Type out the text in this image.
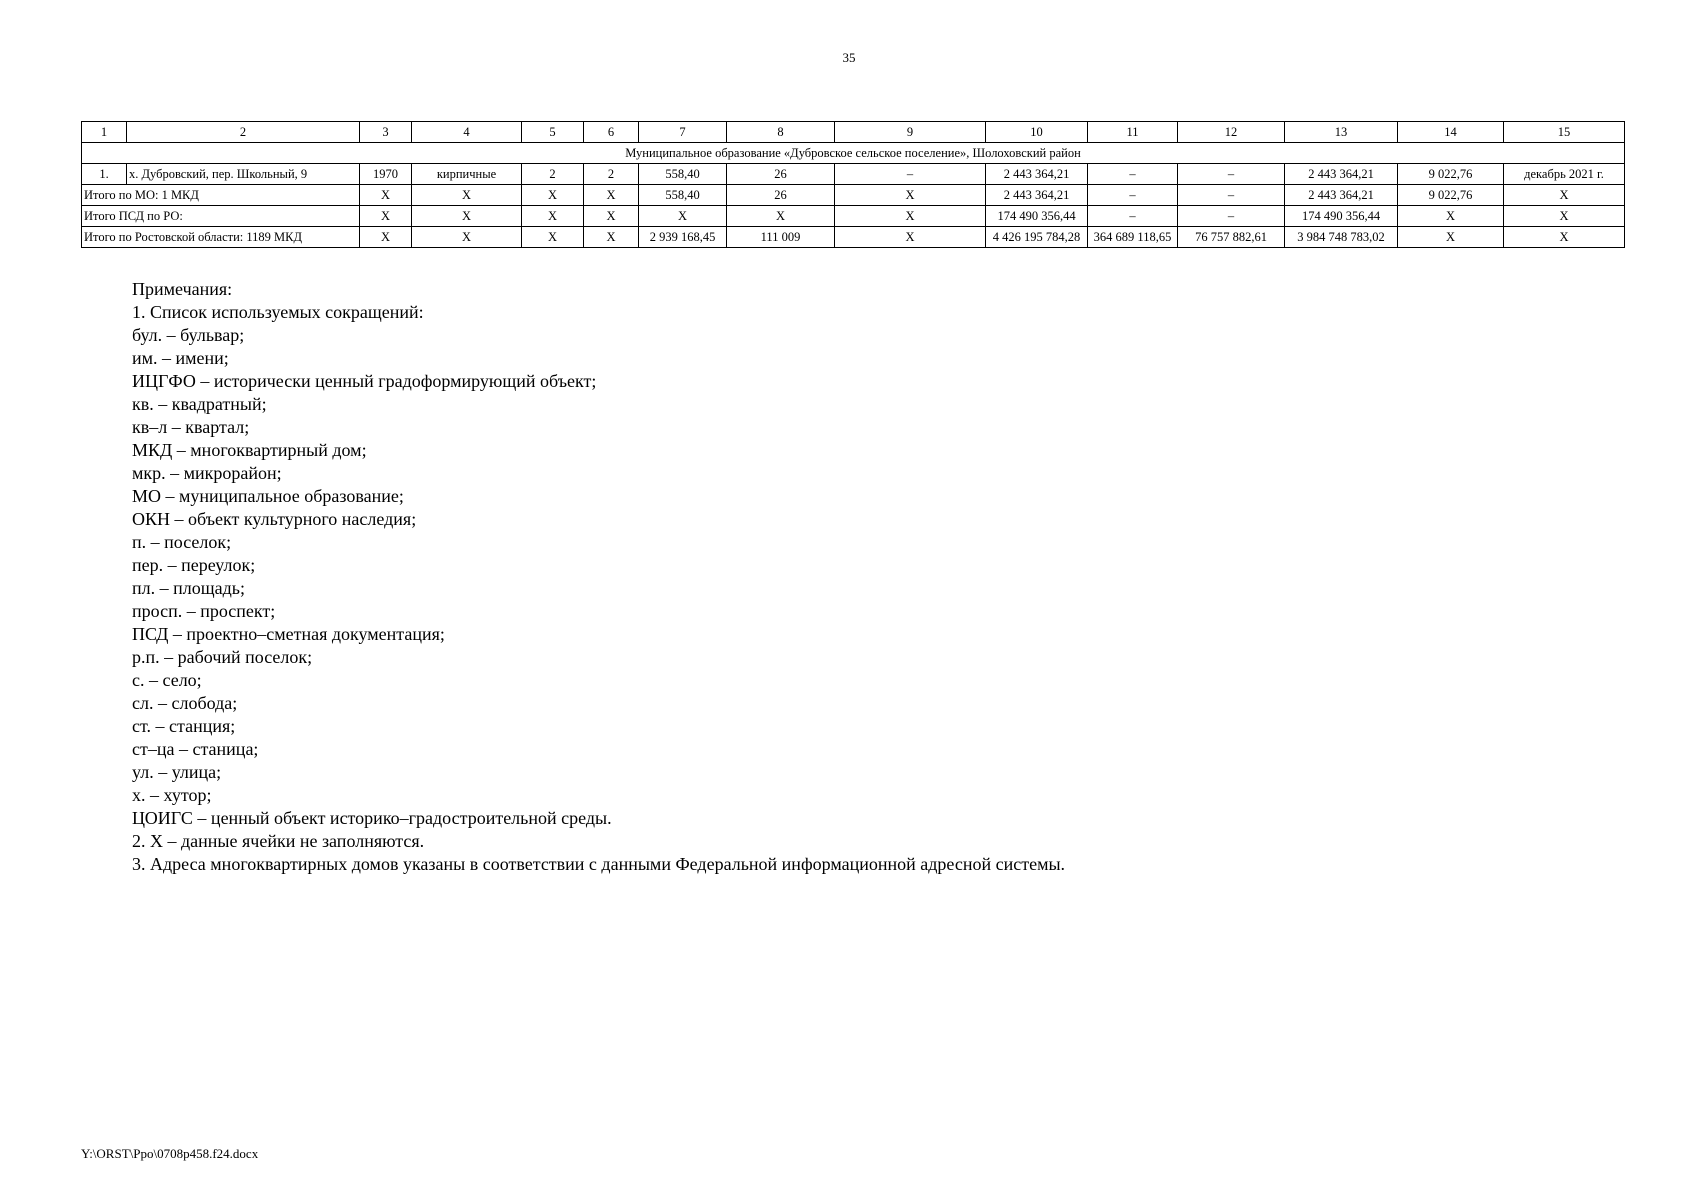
35
1	2	3	4	5	6	7	8	9	10	11	12	13	14	15
Муниципальное образование «Дубровское сельское поселение», Шолоховский район														
1.	х. Дубровский, пер. Школьный, 9	1970	кирпичные	2	2	558,40	26	–	2 443 364,21	–	–	2 443 364,21	9 022,76	декабрь 2021 г.
Итого по МО: 1 МКД		X	X	X	X	558,40	26	X	2 443 364,21	–	–	2 443 364,21	9 022,76	X
Итого ПСД по РО:		X	X	X	X	X	X	X	174 490 356,44	–	–	174 490 356,44	X	X
Итого по Ростовской области: 1189 МКД		X	X	X	X	2 939 168,45	111 009	X	4 426 195 784,28	364 689 118,65	76 757 882,61	3 984 748 783,02	X	X
Примечания:
1. Список используемых сокращений:
бул. – бульвар;
им. – имени;
ИЦГФО – исторически ценный градоформирующий объект;
кв. – квадратный;
кв–л – квартал;
МКД – многоквартирный дом;
мкр. – микрорайон;
МО – муниципальное образование;
ОКН – объект культурного наследия;
п. – поселок;
пер. – переулок;
пл. – площадь;
просп. – проспект;
ПСД – проектно–сметная документация;
р.п. – рабочий поселок;
с. – село;
сл. – слобода;
ст. – станция;
ст–ца – станица;
ул. – улица;
х. – хутор;
ЦОИГС – ценный объект историко–градостроительной среды.
2. X – данные ячейки не заполняются.
3. Адреса многоквартирных домов указаны в соответствии с данными Федеральной информационной адресной системы.
Y:\ORST\Ppo\0708p458.f24.docx
